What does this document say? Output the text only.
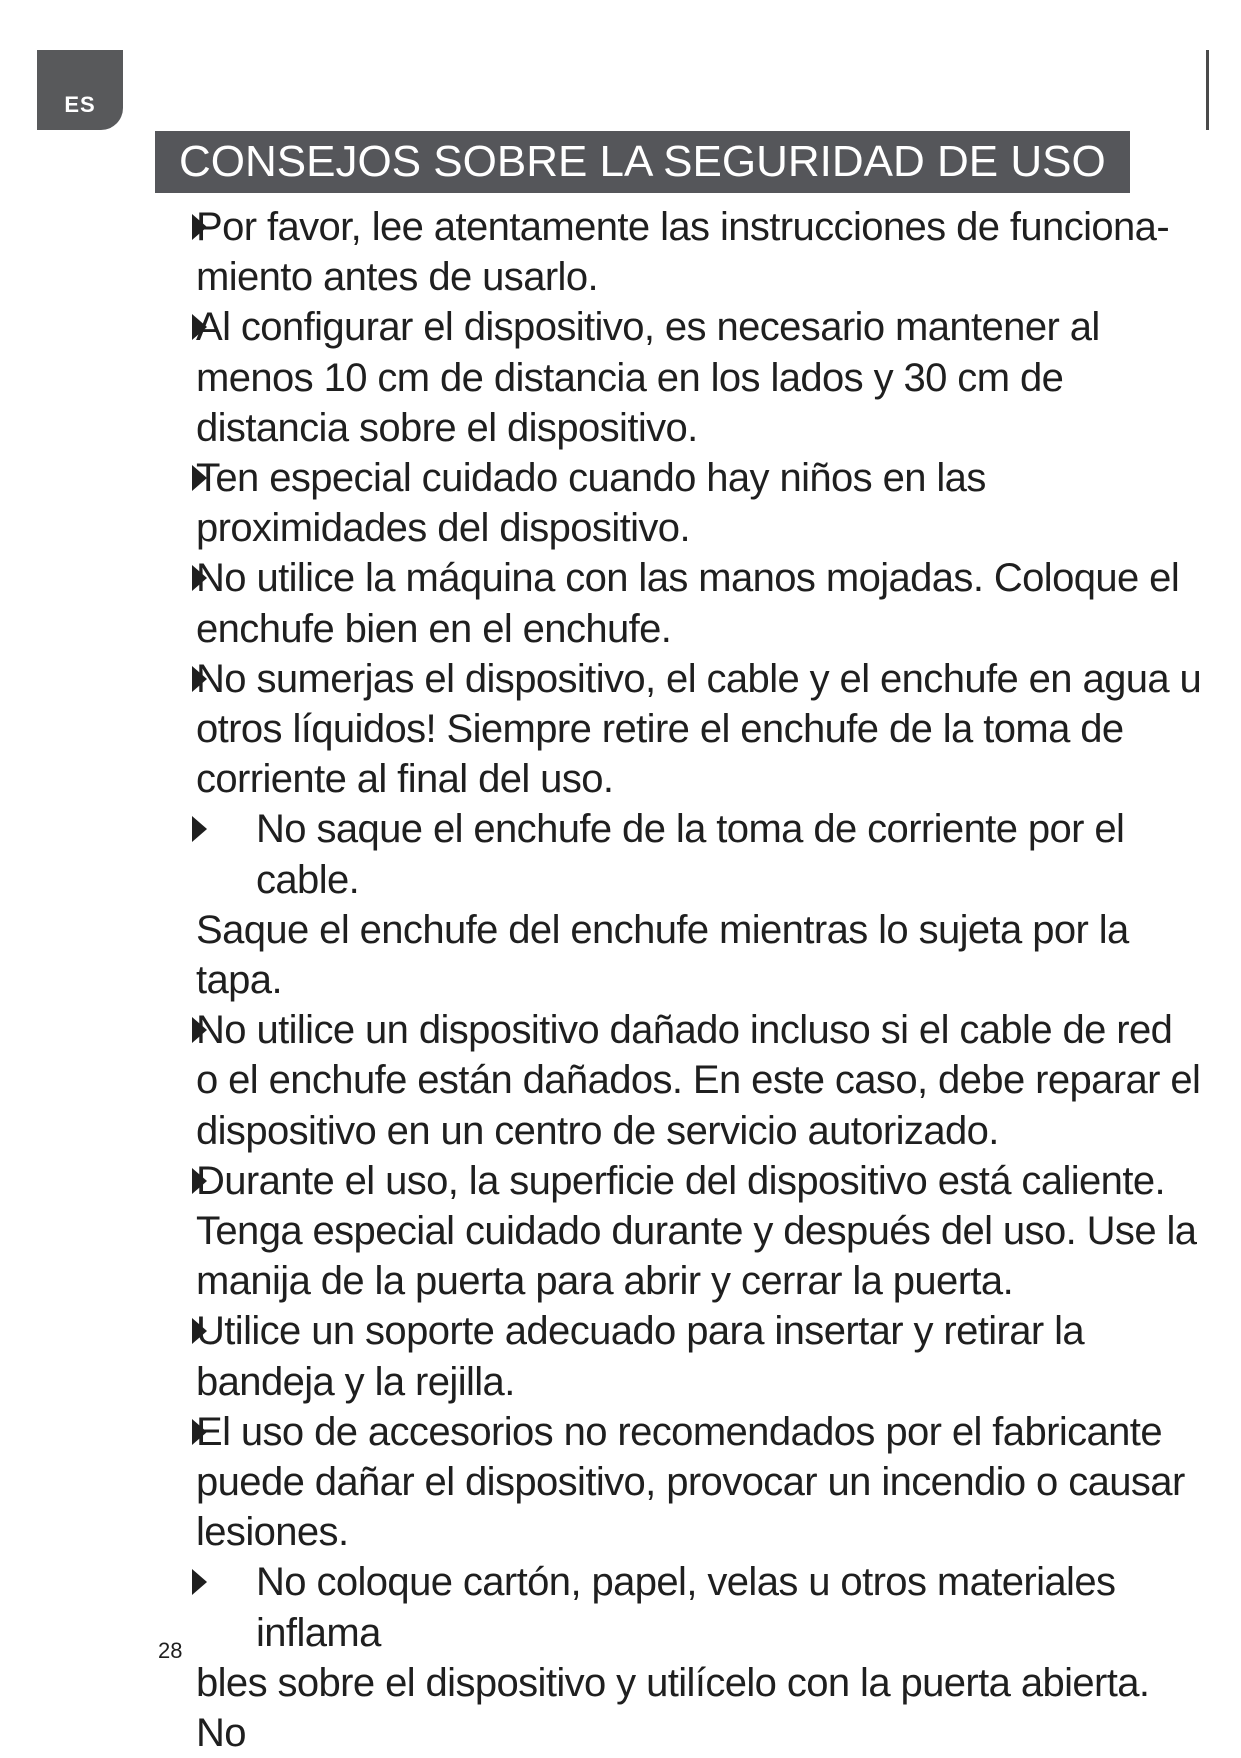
ES
CONSEJOS SOBRE LA SEGURIDAD DE USO
Por favor, lee atentamente las instrucciones de funciona-miento antes de usarlo.
Al configurar el dispositivo, es necesario mantener al menos 10 cm de distancia en los lados y 30 cm de distancia sobre el dispositivo.
Ten especial cuidado cuando hay niños en las proximidades del dispositivo.
No utilice la máquina con las manos mojadas. Coloque el enchufe bien en el enchufe.
No sumerjas el dispositivo, el cable y el enchufe en agua u otros líquidos! Siempre retire el enchufe de la toma de corriente al final del uso.
No saque el enchufe de la toma de corriente por el cable.
Saque el enchufe del enchufe mientras lo sujeta por la tapa.
No utilice un dispositivo dañado incluso si el cable de red o el enchufe están dañados. En este caso, debe reparar el dispositivo en un centro de servicio autorizado.
Durante el uso, la superficie del dispositivo está caliente. Tenga especial cuidado durante y después del uso. Use la manija de la puerta para abrir y cerrar la puerta.
Utilice un soporte adecuado para insertar y retirar la bandeja y la rejilla.
El uso de accesorios no recomendados por el fabricante puede dañar el dispositivo, provocar un incendio o causar lesiones.
No coloque cartón, papel, velas u otros materiales inflama
bles sobre el dispositivo y utilícelo con la puerta abierta. No
28
